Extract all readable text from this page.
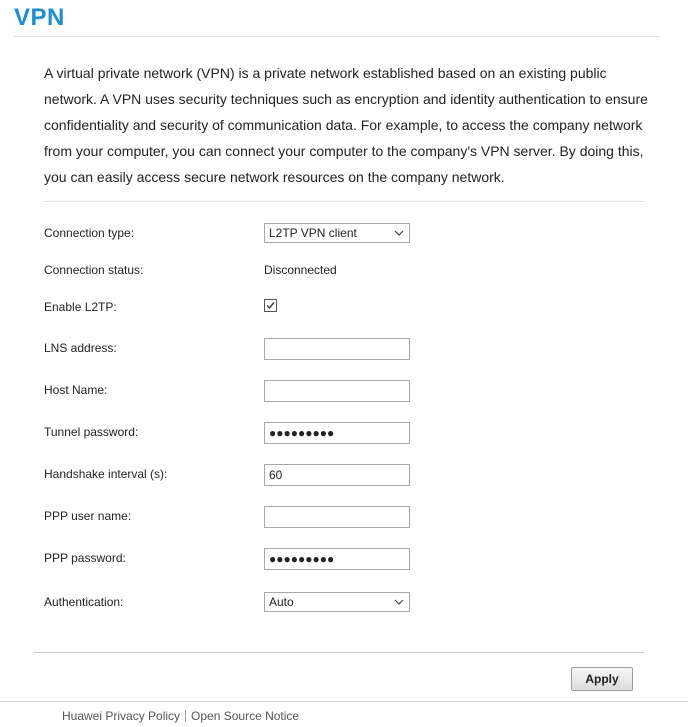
VPN
A virtual private network (VPN) is a private network established based on an existing public network. A VPN uses security techniques such as encryption and identity authentication to ensure confidentiality and security of communication data. For example, to access the company network from your computer, you can connect your computer to the company's VPN server. By doing this, you can easily access secure network resources on the company network.
Connection type:	L2TP VPN client
Connection status:	Disconnected
Enable L2TP:
LNS address:
Host Name:
Tunnel password:	●●●●●●●●●
Handshake interval (s):	60
PPP user name:
PPP password:	●●●●●●●●●
Authentication:	Auto
Apply
Huawei Privacy Policy Open Source Notice
